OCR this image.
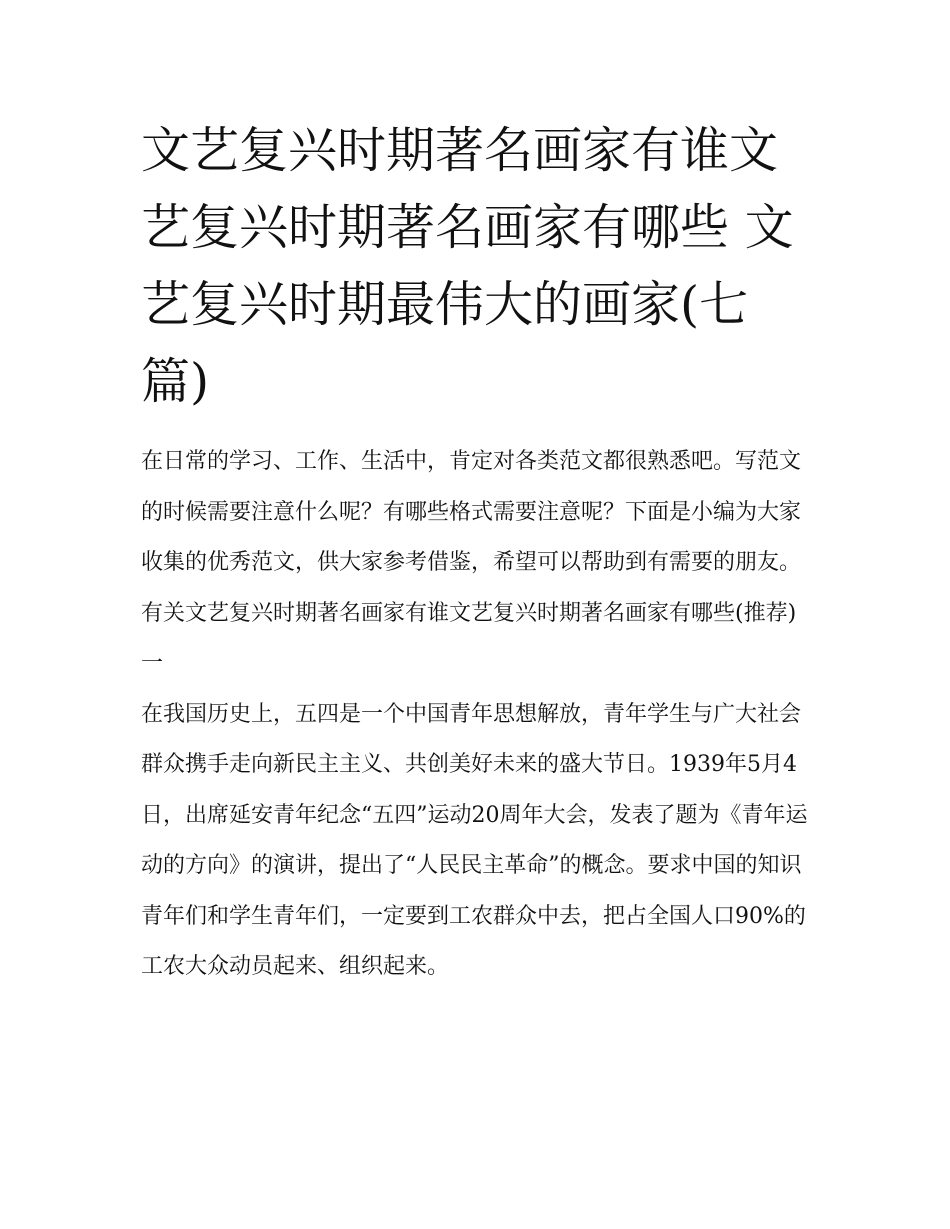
文艺复兴时期著名画家有谁文艺复兴时期著名画家有哪些 文艺复兴时期最伟大的画家(七篇)

在日常的学习、工作、生活中，肯定对各类范文都很熟悉吧。写范文的时候需要注意什么呢？有哪些格式需要注意呢？下面是小编为大家收集的优秀范文，供大家参考借鉴，希望可以帮助到有需要的朋友。

有关文艺复兴时期著名画家有谁文艺复兴时期著名画家有哪些(推荐)一

在我国历史上，五四是一个中国青年思想解放，青年学生与广大社会群众携手走向新民主主义、共创美好未来的盛大节日。1939年5月4日，出席延安青年纪念“五四”运动20周年大会，发表了题为《青年运动的方向》的演讲，提出了“人民民主革命”的概念。要求中国的知识青年们和学生青年们，一定要到工农群众中去，把占全国人口90%的工农大众动员起来、组织起来。
